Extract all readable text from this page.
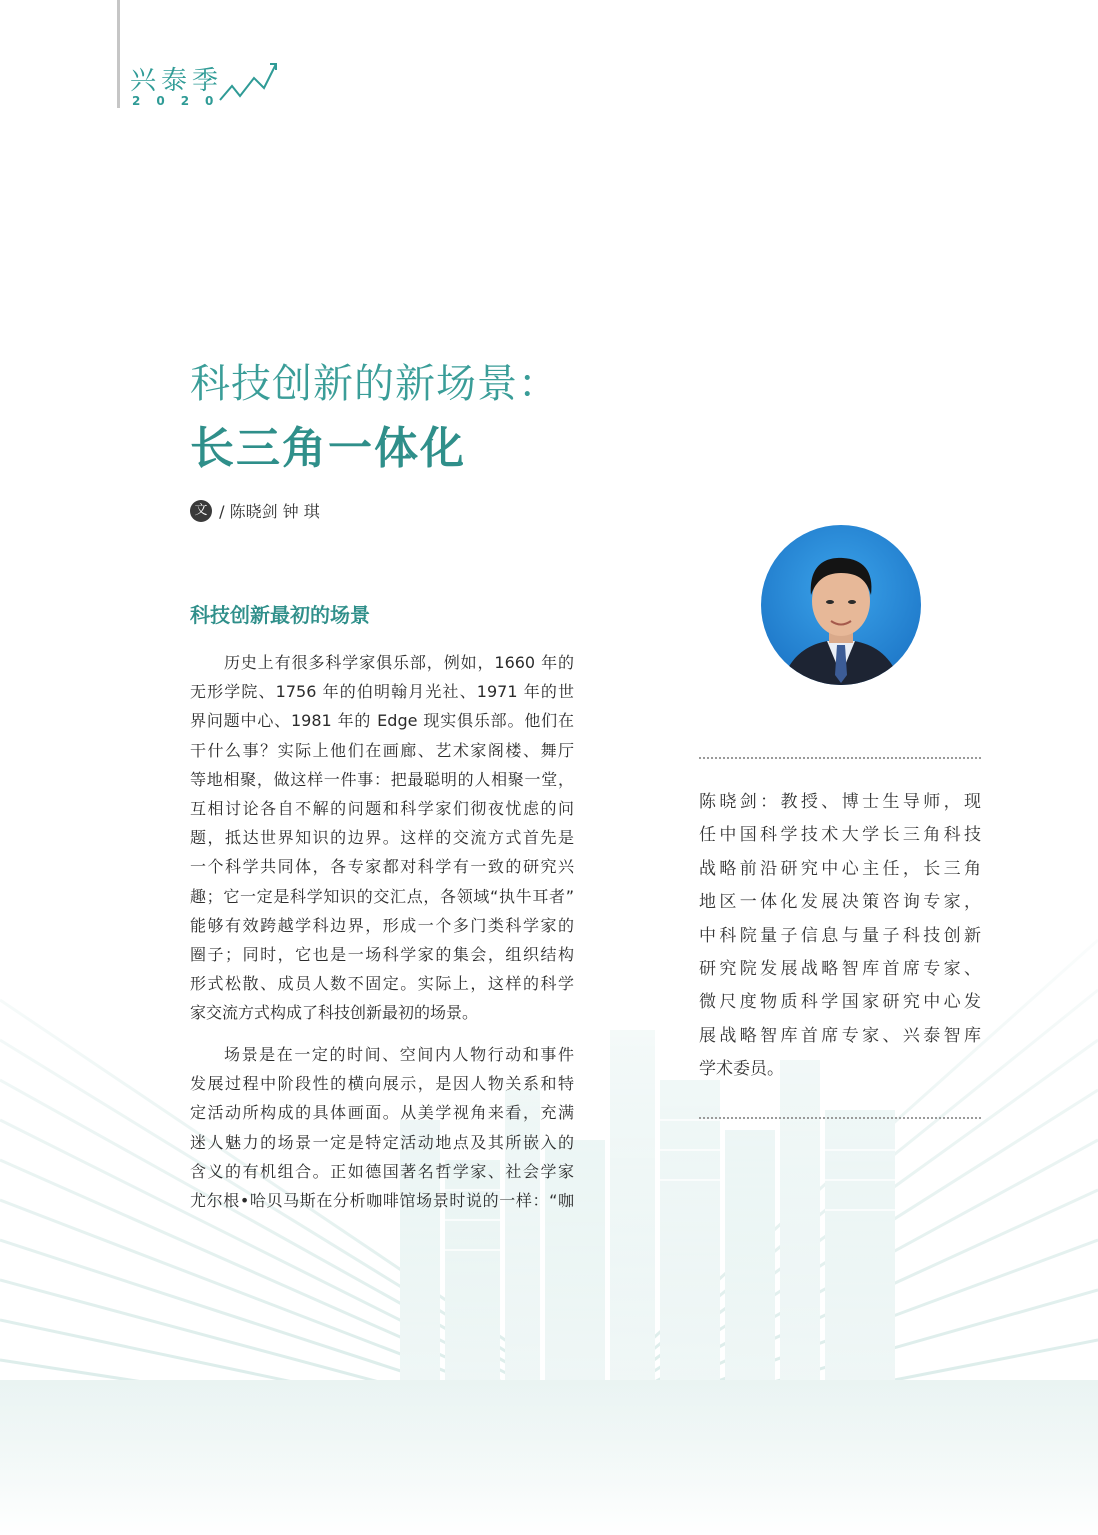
兴泰季
2020
科技创新的新场景：
长三角一体化
文 / 陈晓剑 钟 琪
科技创新最初的场景

历史上有很多科学家俱乐部，例如，1660 年的
无形学院、1756 年的伯明翰月光社、1971 年的世
界问题中心、1981 年的 Edge 现实俱乐部。他们在
干什么事？实际上他们在画廊、艺术家阁楼、舞厅
等地相聚，做这样一件事：把最聪明的人相聚一堂，
互相讨论各自不解的问题和科学家们彻夜忧虑的问
题，抵达世界知识的边界。这样的交流方式首先是
一个科学共同体，各专家都对科学有一致的研究兴
趣；它一定是科学知识的交汇点，各领域“执牛耳者”
能够有效跨越学科边界，形成一个多门类科学家的
圈子；同时，它也是一场科学家的集会，组织结构
形式松散、成员人数不固定。实际上，这样的科学
家交流方式构成了科技创新最初的场景。

场景是在一定的时间、空间内人物行动和事件
发展过程中阶段性的横向展示，是因人物关系和特
定活动所构成的具体画面。从美学视角来看，充满
迷人魅力的场景一定是特定活动地点及其所嵌入的
含义的有机组合。正如德国著名哲学家、社会学家
尤尔根•哈贝马斯在分析咖啡馆场景时说的一样：“咖

陈晓剑：教授、博士生导师，现
任中国科学技术大学长三角科技
战略前沿研究中心主任，长三角
地区一体化发展决策咨询专家，
中科院量子信息与量子科技创新
研究院发展战略智库首席专家、
微尺度物质科学国家研究中心发
展战略智库首席专家、兴泰智库
学术委员。
